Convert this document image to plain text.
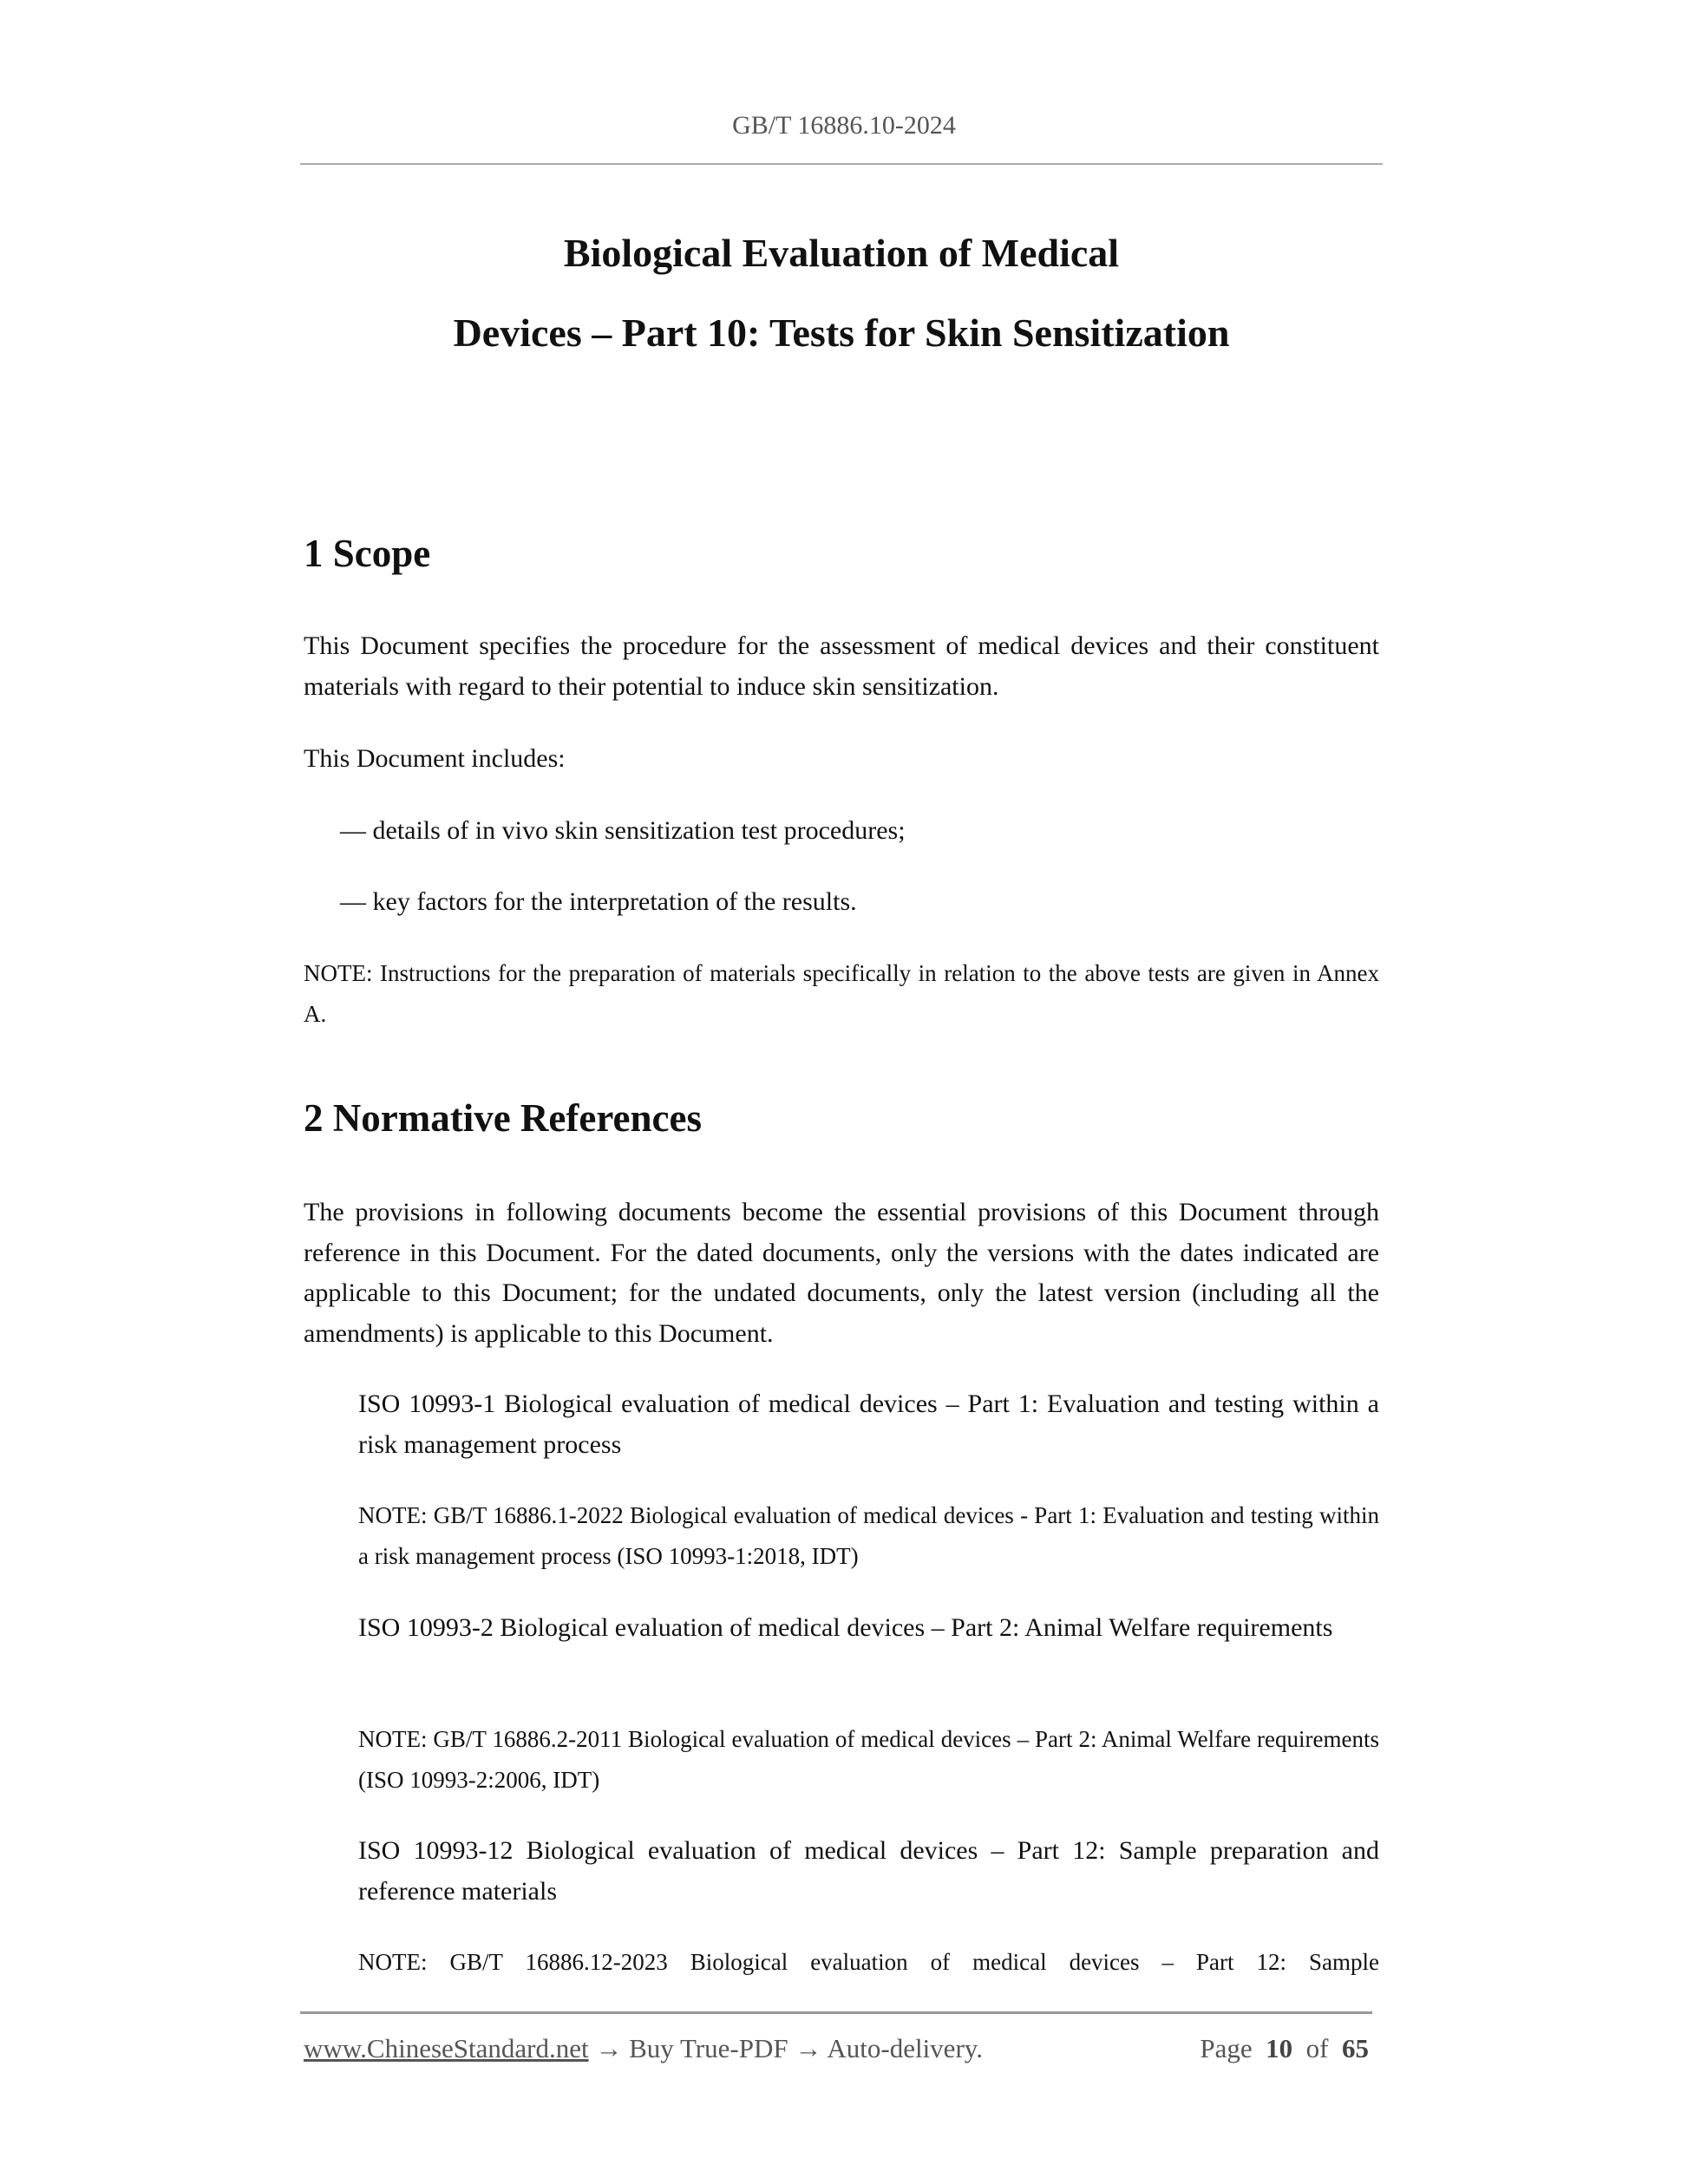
GB/T 16886.10-2024
Biological Evaluation of Medical
Devices – Part 10: Tests for Skin Sensitization
1 Scope
This Document specifies the procedure for the assessment of medical devices and their constituent materials with regard to their potential to induce skin sensitization.
This Document includes:
— details of in vivo skin sensitization test procedures;
— key factors for the interpretation of the results.
NOTE: Instructions for the preparation of materials specifically in relation to the above tests are given in Annex A.
2 Normative References
The provisions in following documents become the essential provisions of this Document through reference in this Document. For the dated documents, only the versions with the dates indicated are applicable to this Document; for the undated documents, only the latest version (including all the amendments) is applicable to this Document.
ISO 10993-1 Biological evaluation of medical devices – Part 1: Evaluation and testing within a risk management process
NOTE: GB/T 16886.1-2022 Biological evaluation of medical devices - Part 1: Evaluation and testing within a risk management process (ISO 10993-1:2018, IDT)
ISO 10993-2 Biological evaluation of medical devices – Part 2: Animal Welfare requirements
NOTE: GB/T 16886.2-2011 Biological evaluation of medical devices – Part 2: Animal Welfare requirements (ISO 10993-2:2006, IDT)
ISO 10993-12 Biological evaluation of medical devices – Part 12: Sample preparation and reference materials
NOTE: GB/T 16886.12-2023 Biological evaluation of medical devices – Part 12: Sample
www.ChineseStandard.net → Buy True-PDF → Auto-delivery.	Page 10 of 65
